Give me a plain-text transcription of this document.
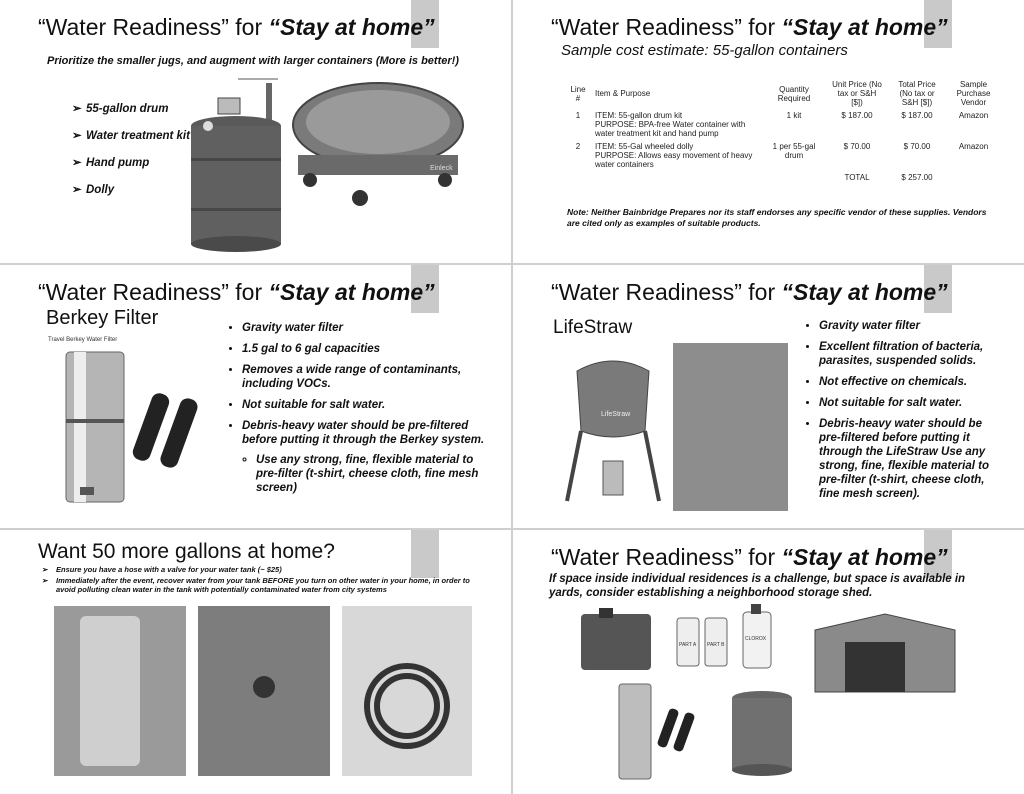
“Water Readiness” for “Stay at home”
Prioritize the smaller jugs, and augment with larger containers (More is better!)
➢ 55-gallon drum
➢ Water treatment kit
➢ Hand pump
➢ Dolly
Einleck
“Water Readiness” for “Stay at home”
Sample cost estimate: 55-gallon containers
Line #	Item & Purpose	Quantity Required	Unit Price (No tax or S&H [$])	Total Price (No tax or S&H [$])	Sample Purchase Vendor
1	ITEM: 55-gallon drum kit
PURPOSE: BPA-free Water container with water treatment kit and hand pump	1 kit	$ 187.00	$ 187.00	Amazon
2	ITEM: 55-Gal wheeled dolly
PURPOSE: Allows easy movement of heavy water containers	1 per 55-gal drum	$ 70.00	$ 70.00	Amazon
			TOTAL	$ 257.00	
Note: Neither Bainbridge Prepares nor its staff endorses any specific vendor of these supplies. Vendors are cited only as examples of suitable products.
“Water Readiness” for “Stay at home”
Berkey Filter
Travel Berkey Water Filter
• Gravity water filter
• 1.5 gal to 6 gal capacities
• Removes a wide range of contaminants, including VOCs.
• Not suitable for salt water.
• Debris-heavy water should be pre-filtered before putting it through the Berkey system.
◦ Use any strong, fine, flexible material to pre-filter (t-shirt, cheese cloth, fine mesh screen)
“Water Readiness” for “Stay at home”
LifeStraw
LifeStraw
• Gravity water filter
• Excellent filtration of bacteria, parasites, suspended solids.
• Not effective on chemicals.
• Not suitable for salt water.
• Debris-heavy water should be pre-filtered before putting it through the LifeStraw Use any strong, fine, flexible material to pre-filter (t-shirt, cheese cloth, fine mesh screen).
Want 50 more gallons at home?
➢ Ensure you have a hose with a valve for your water tank (~ $25)
➢ Immediately after the event, recover water from your tank BEFORE you turn on other water in your home, in order to avoid polluting clean water in the tank with potentially contaminated water from city systems
“Water Readiness” for “Stay at home”
If space inside individual residences is a challenge, but space is available in yards, consider establishing a neighborhood storage shed.
PART A PART B
CLOROX
